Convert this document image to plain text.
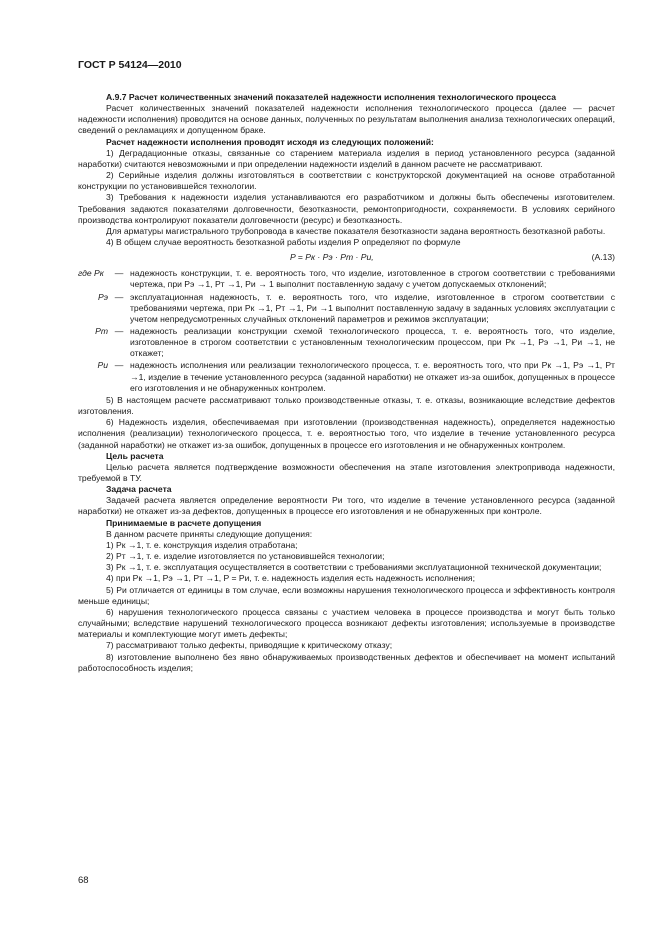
ГОСТ Р 54124—2010

А.9.7 Расчет количественных значений показателей надежности исполнения технологического процесса

Расчет количественных значений показателей надежности исполнения технологического процесса (далее — расчет надежности исполнения) проводится на основе данных, полученных по результатам выполнения анализа технологических операций, сведений о рекламациях и допущенном браке.

Расчет надежности исполнения проводят исходя из следующих положений:

1) Деградационные отказы, связанные со старением материала изделия в период установленного ресурса (заданной наработки) считаются невозможными и при определении надежности изделий в данном расчете не рассматривают.

2) Серийные изделия должны изготовляться в соответствии с конструкторской документацией на основе отработанной конструкции по установившейся технологии.

3) Требования к надежности изделия устанавливаются его разработчиком и должны быть обеспечены изготовителем. Требования задаются показателями долговечности, безотказности, ремонтопригодности, сохраняемости. В условиях серийного производства контролируют показатели долговечности (ресурс) и безотказность.

Для арматуры магистрального трубопровода в качестве показателя безотказности задана вероятность безотказной работы.

4) В общем случае вероятность безотказной работы изделия Р определяют по формуле

P = Pк · Pэ · Pт · Pи,	(А.13)
где Pк	— надежность конструкции, т. е. вероятность того, что изделие, изготовленное в строгом соответствии с требованиями чертежа, при Pэ →1, Pт →1, Pи → 1 выполнит поставленную задачу с учетом допускаемых отклонений;
Pэ — эксплуатационная надежность, т. е. вероятность того, что изделие, изготовленное в строгом соответствии с требованиями чертежа, при Pк →1, Pт →1, Pи →1 выполнит поставленную задачу в заданных условиях эксплуатации с учетом непредусмотренных случайных отклонений параметров и режимов эксплуатации;
Pт — надежность реализации конструкции схемой технологического процесса, т. е. вероятность того, что изделие, изготовленное в строгом соответствии с установленным технологическим процессом, при Pк →1, Pэ →1, Pи →1, не откажет;
Pи — надежность исполнения или реализации технологического процесса, т. е. вероятность того, что при Pк →1, Pэ →1, Pт →1, изделие в течение установленного ресурса (заданной наработки) не откажет из-за ошибок, допущенных в процессе его изготовления и не обнаруженных контролем.

5) В настоящем расчете рассматривают только производственные отказы, т. е. отказы, возникающие вследствие дефектов изготовления.

6) Надежность изделия, обеспечиваемая при изготовлении (производственная надежность), определяется надежностью исполнения (реализации) технологического процесса, т. е. вероятностью того, что изделие в течение установленного ресурса (заданной наработки) не откажет из-за ошибок, допущенных в процессе его изготовления и не обнаруженных контролем.

Цель расчета

Целью расчета является подтверждение возможности обеспечения на этапе изготовления электропривода надежности, требуемой в ТУ.

Задача расчета

Задачей расчета является определение вероятности Pи того, что изделие в течение установленного ресурса (заданной наработки) не откажет из-за дефектов, допущенных в процессе его изготовления и не обнаруженных при контроле.

Принимаемые в расчете допущения

В данном расчете приняты следующие допущения:

1) Pк →1, т. е. конструкция изделия отработана;

2) Pт →1, т. е. изделие изготовляется по установившейся технологии;

3) Pк →1, т. е. эксплуатация осуществляется в соответствии с требованиями эксплуатационной технической документации;

4) при Pк →1, Pэ →1, Pт →1, P = Pи, т. е. надежность изделия есть надежность исполнения;

5) Pи отличается от единицы в том случае, если возможны нарушения технологического процесса и эффективность контроля меньше единицы;

6) нарушения технологического процесса связаны с участием человека в процессе производства и могут быть только случайными; вследствие нарушений технологического процесса возникают дефекты изготовления; используемые в производстве материалы и комплектующие могут иметь дефекты;

7) рассматривают только дефекты, приводящие к критическому отказу;

8) изготовление выполнено без явно обнаруживаемых производственных дефектов и обеспечивает на момент испытаний работоспособность изделия;

68
